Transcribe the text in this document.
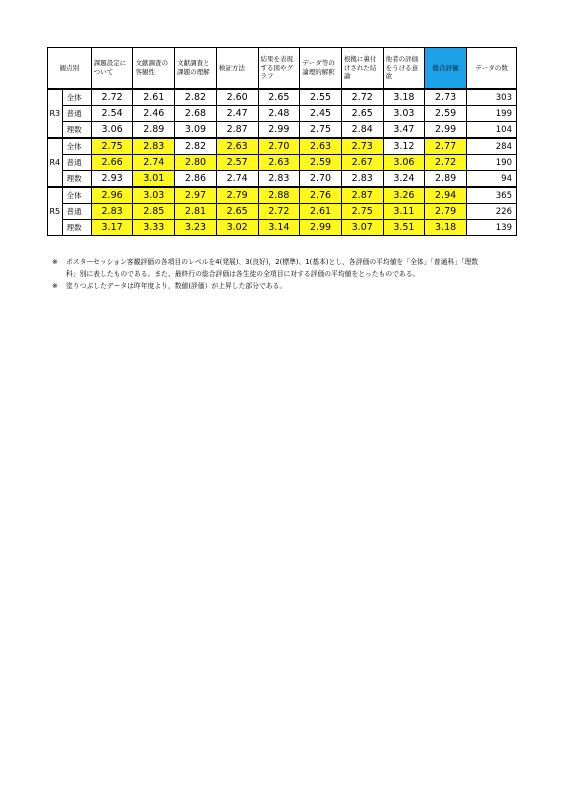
観点別		課題設定について	文献調査の客観性	文献調査と課題の理解	検証方法	結果を表現する図やグラフ	データ等の論理的解釈	根拠に裏付けされた結論	他者の評価をうける意欲	総合評価	データの数
R3	全体	2.72	2.61	2.82	2.60	2.65	2.55	2.72	3.18	2.73	303
	普通	2.54	2.46	2.68	2.47	2.48	2.45	2.65	3.03	2.59	199
	理数	3.06	2.89	3.09	2.87	2.99	2.75	2.84	3.47	2.99	104
R4	全体	2.75	2.83	2.82	2.63	2.70	2.63	2.73	3.12	2.77	284
	普通	2.66	2.74	2.80	2.57	2.63	2.59	2.67	3.06	2.72	190
	理数	2.93	3.01	2.86	2.74	2.83	2.70	2.83	3.24	2.89	94
R5	全体	2.96	3.03	2.97	2.79	2.88	2.76	2.87	3.26	2.94	365
	普通	2.83	2.85	2.81	2.65	2.72	2.61	2.75	3.11	2.79	226
	理数	3.17	3.33	3.23	3.02	3.14	2.99	3.07	3.51	3.18	139
※	ポスターセッション客観評価の各項目のレベルを4(発展)、3(良好)，2(標準)、1(基本)とし，各評価の平均値を「全体」「普通科」「理数科」別に表したものである。また、最終行の総合評価は各生徒の全項目に対する評価の平均値をとったものである。
※	塗りつぶしたデータは昨年度より，数値(評価）が上昇した部分である。
